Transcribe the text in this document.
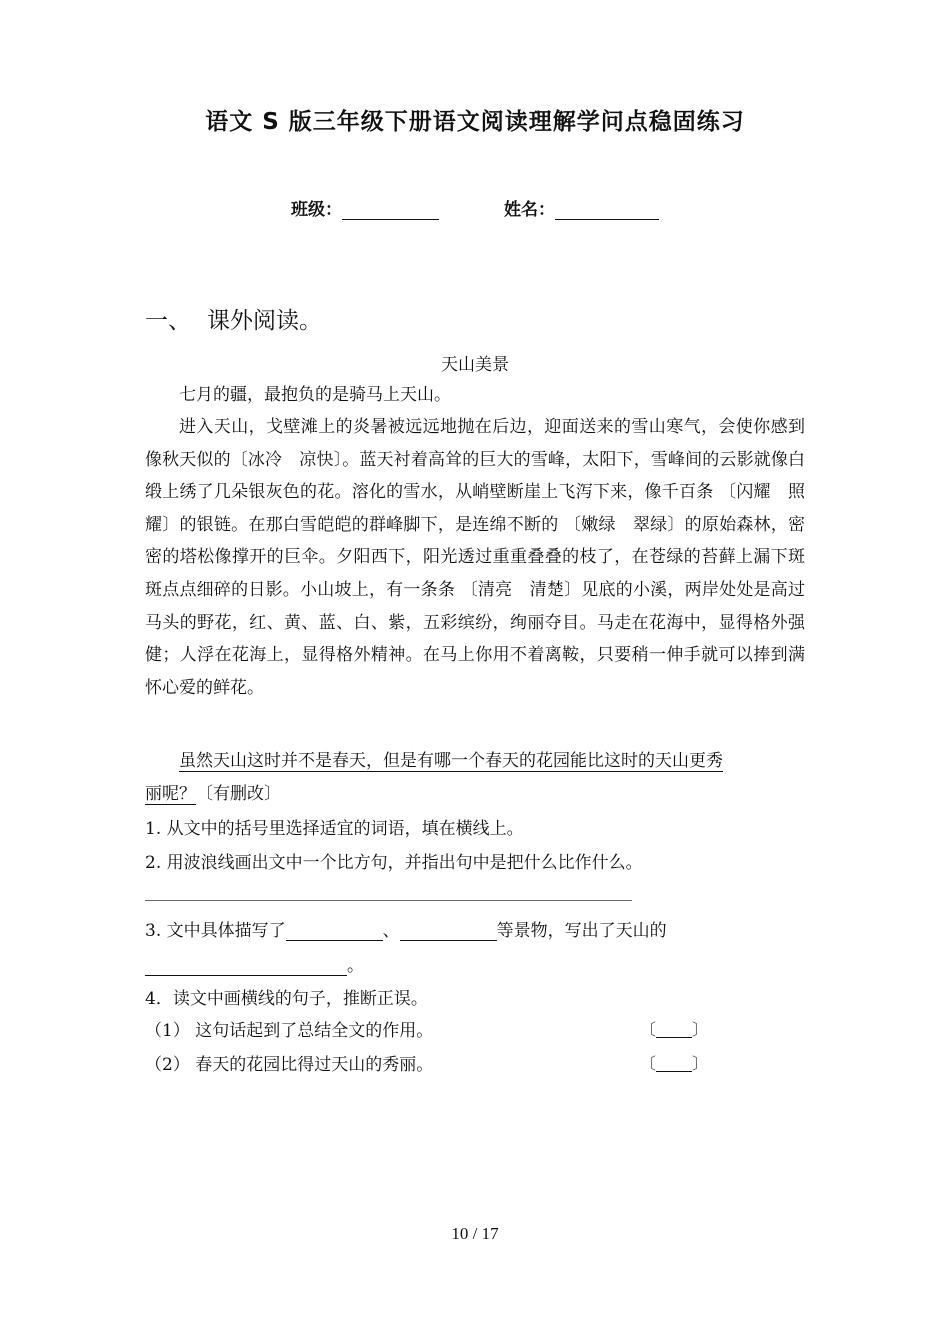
语文 S 版三年级下册语文阅读理解学问点稳固练习
班级：	姓名：
一、 课外阅读。
天山美景
七月的疆，最抱负的是骑马上天山。
进入天山，戈壁滩上的炎暑被远远地抛在后边，迎面送来的雪山寒气，会使你感到像秋天似的〔冰冷　凉快〕。蓝天衬着高耸的巨大的雪峰，太阳下，雪峰间的云影就像白缎上绣了几朵银灰色的花。溶化的雪水，从峭壁断崖上飞泻下来，像千百条 〔闪耀　照耀〕的银链。在那白雪皑皑的群峰脚下，是连绵不断的 〔嫩绿　翠绿〕的原始森林，密密的塔松像撑开的巨伞。夕阳西下，阳光透过重重叠叠的枝了，在苍绿的苔藓上漏下斑斑点点细碎的日影。小山坡上，有一条条 〔清亮　清楚〕见底的小溪，两岸处处是高过马头的野花，红、黄、蓝、白、紫，五彩缤纷，绚丽夺目。马走在花海中，显得格外强健；人浮在花海上，显得格外精神。在马上你用不着离鞍，只要稍一伸手就可以捧到满怀心爱的鲜花。
虽然天山这时并不是春天，但是有哪一个春天的花园能比这时的天山更秀
丽呢？〔有删改〕
1. 从文中的括号里选择适宜的词语，填在横线上。
2. 用波浪线画出文中一个比方句，并指出句中是把什么比作什么。
3. 文中具体描写了	、	等景物，写出了天山的
。
4．读文中画横线的句子，推断正误。
（1） 这句话起到了总结全文的作用。	〔 〕
（2） 春天的花园比得过天山的秀丽。	〔 〕
10 / 17
